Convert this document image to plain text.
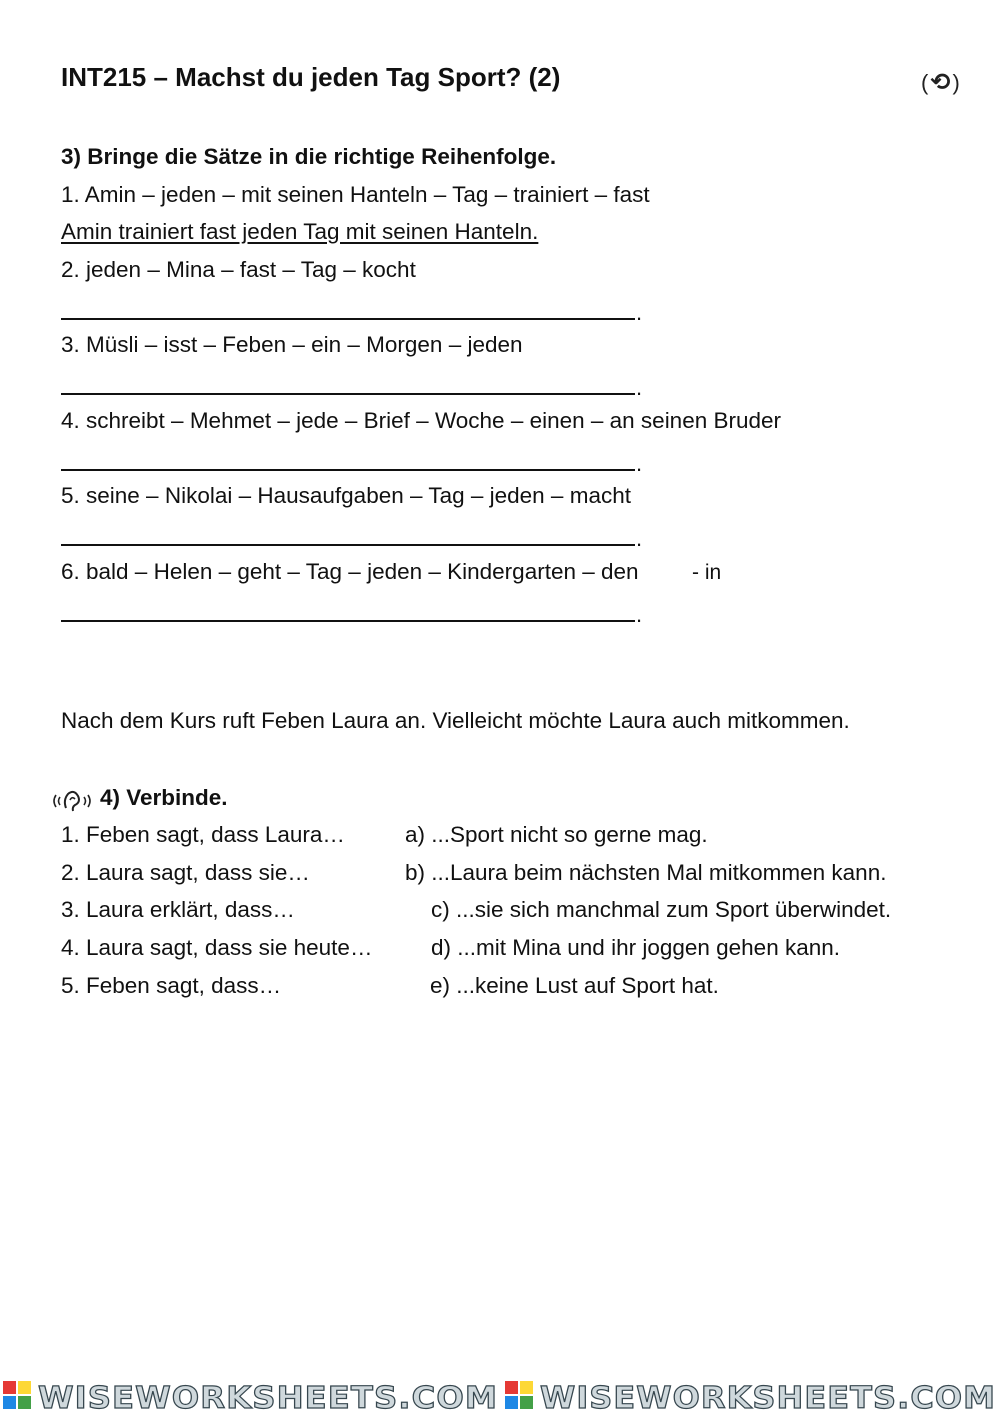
INT215 – Machst du jeden Tag Sport? (2)	(⟲)
3) Bringe die Sätze in die richtige Reihenfolge.
1. Amin – jeden – mit seinen Hanteln – Tag – trainiert – fast
Amin trainiert fast jeden Tag mit seinen Hanteln.
2. jeden – Mina – fast – Tag – kocht
.
3. Müsli – isst – Feben – ein – Morgen – jeden
.
4. schreibt – Mehmet – jede – Brief – Woche – einen – an seinen Bruder
.
5. seine – Nikolai – Hausaufgaben – Tag – jeden – macht
.
6. bald – Helen – geht – Tag – jeden – Kindergarten – den	- in
.
Nach dem Kurs ruft Feben Laura an. Vielleicht möchte Laura auch mitkommen.
4) Verbinde.
1. Feben sagt, dass Laura…
2. Laura sagt, dass sie…
3. Laura erklärt, dass…
4. Laura sagt, dass sie heute…
5. Feben sagt, dass…
a) ...Sport nicht so gerne mag.
b) ...Laura beim nächsten Mal mitkommen kann.
c) ...sie sich manchmal zum Sport überwindet.
d) ...mit Mina und ihr joggen gehen kann.
e) ...keine Lust auf Sport hat.
WISEWORKSHEETS.COM WISEWORKSHEETS.COM
